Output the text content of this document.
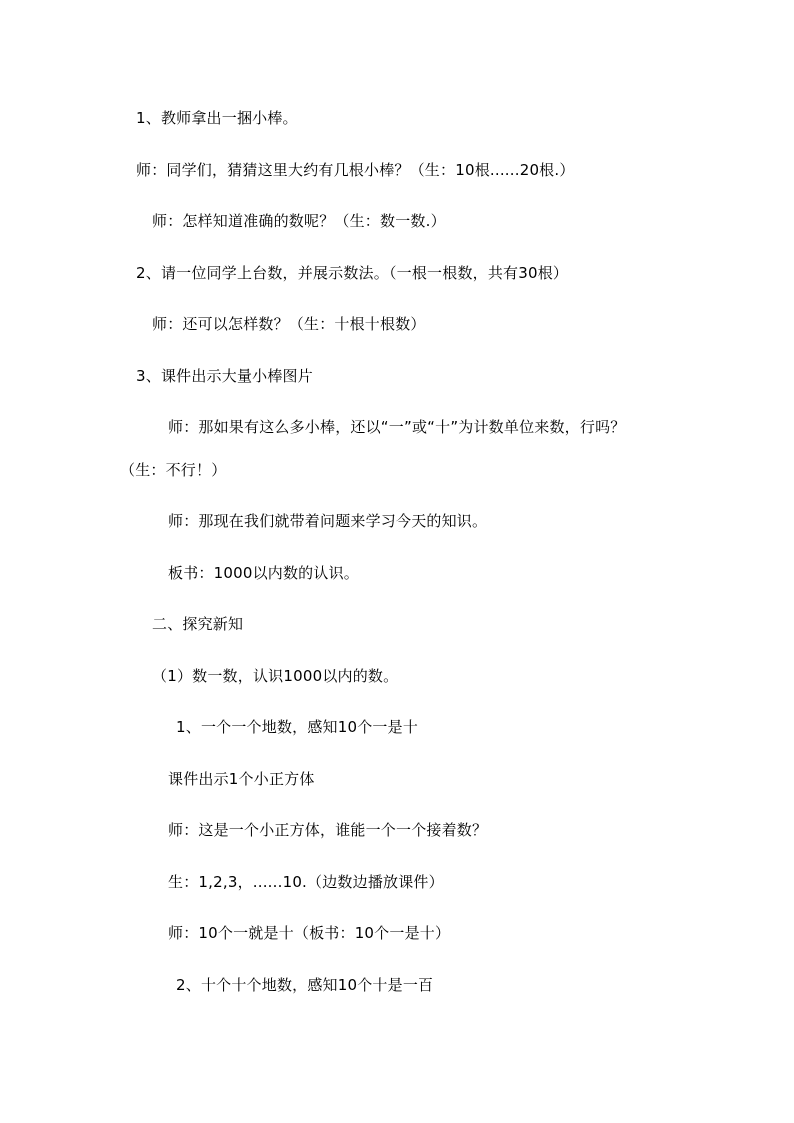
1、教师拿出一捆小棒。
师：同学们，猜猜这里大约有几根小棒？（生：10根......20根.）
师：怎样知道准确的数呢？（生：数一数.）
2、请一位同学上台数，并展示数法。（一根一根数，共有30根）
师：还可以怎样数？（生：十根十根数）
3、课件出示大量小棒图片
师：那如果有这么多小棒，还以“一”或“十”为计数单位来数，行吗？
（生：不行！）
师：那现在我们就带着问题来学习今天的知识。
板书：1000以内数的认识。
二、探究新知
（1）数一数，认识1000以内的数。
1、一个一个地数，感知10个一是十
课件出示1个小正方体
师：这是一个小正方体，谁能一个一个接着数？
生：1,2,3，......10.（边数边播放课件）
师：10个一就是十（板书：10个一是十）
2、十个十个地数，感知10个十是一百
